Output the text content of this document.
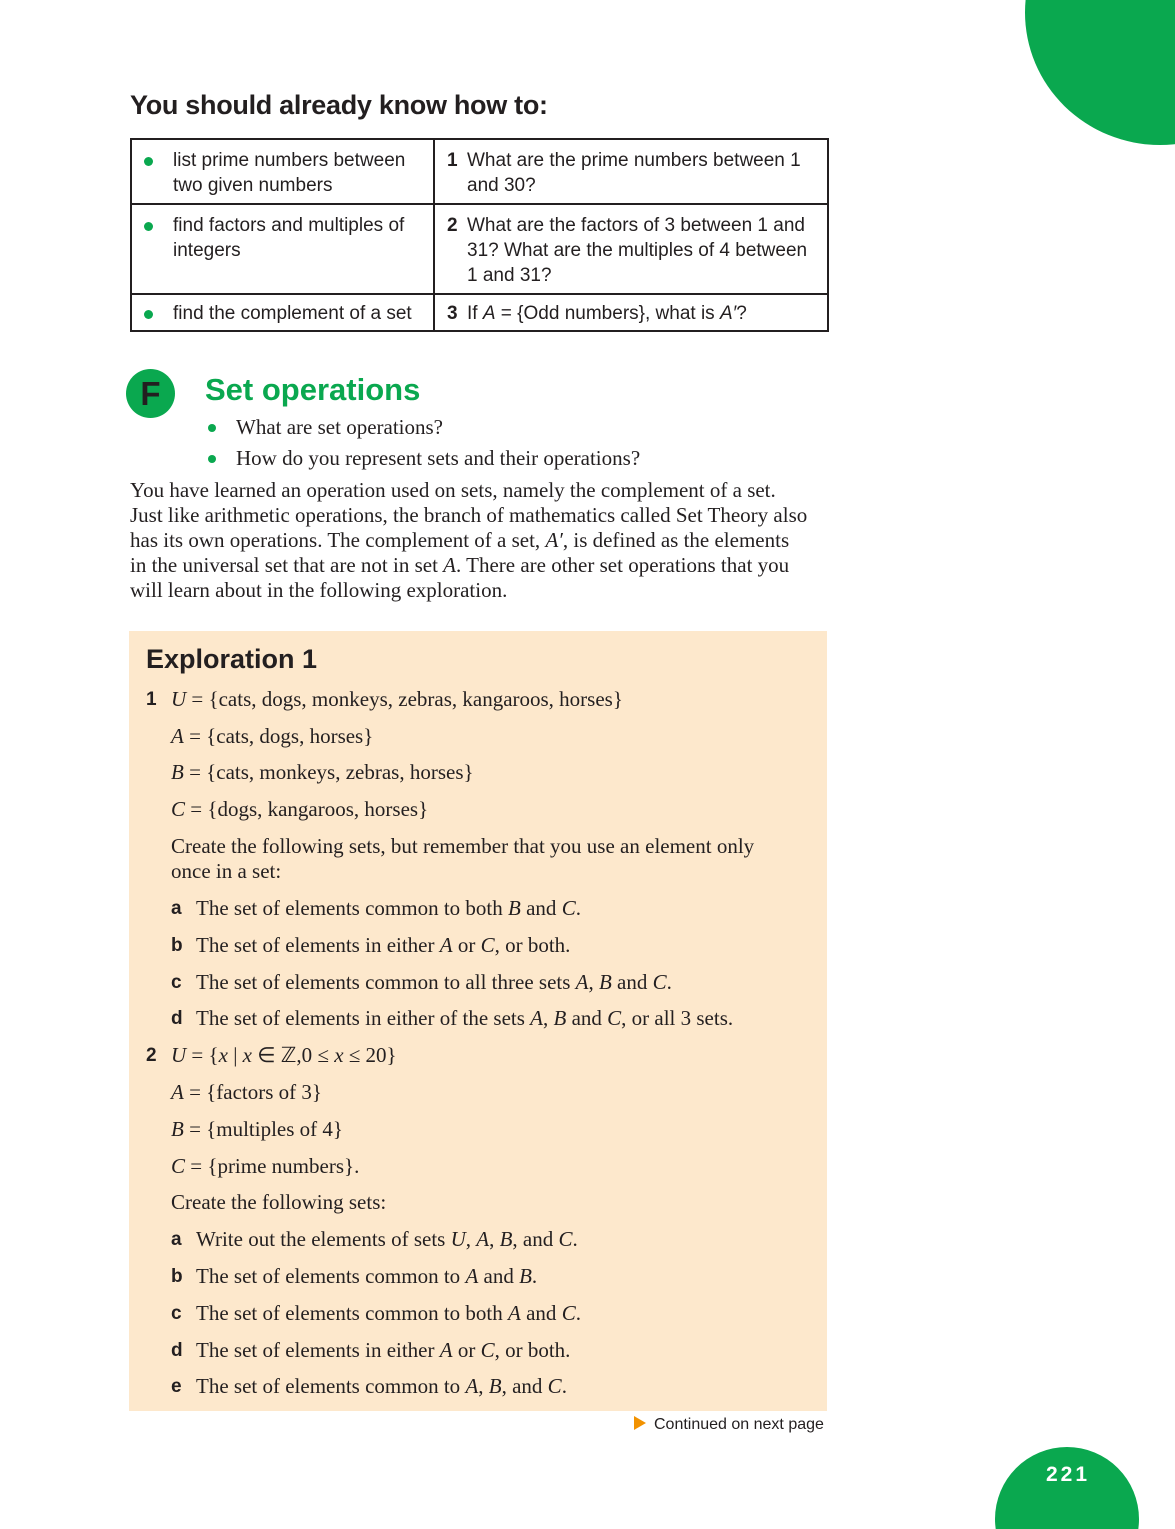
You should already know how to:
list prime numbers between two given numbers	1 What are the prime numbers between 1 and 30?

find factors and multiples of integers	2 What are the factors of 3 between 1 and 31? What are the multiples of 4 between 1 and 31?

find the complement of a set	3 If A = {Odd numbers}, what is A′?
F	Set operations
What are set operations?
How do you represent sets and their operations?

You have learned an operation used on sets, namely the complement of a set. Just like arithmetic operations, the branch of mathematics called Set Theory also has its own operations. The complement of a set, A′, is defined as the elements in the universal set that are not in set A. There are other set operations that you will learn about in the following exploration.

Exploration 1
1 U = {cats, dogs, monkeys, zebras, kangaroos, horses}
A = {cats, dogs, horses}
B = {cats, monkeys, zebras, horses}
C = {dogs, kangaroos, horses}
Create the following sets, but remember that you use an element only
once in a set:
a The set of elements common to both B and C.
b The set of elements in either A or C, or both.
c The set of elements common to all three sets A, B and C.
d The set of elements in either of the sets A, B and C, or all 3 sets.
2 U = {x | x ∈ ℤ,0 ≤ x ≤ 20}
A = {factors of 3}
B = {multiples of 4}
C = {prime numbers}.
Create the following sets:
a Write out the elements of sets U, A, B, and C.
b The set of elements common to A and B.
c The set of elements common to both A and C.
d The set of elements in either A or C, or both.
e The set of elements common to A, B, and C.
Continued on next page
221
